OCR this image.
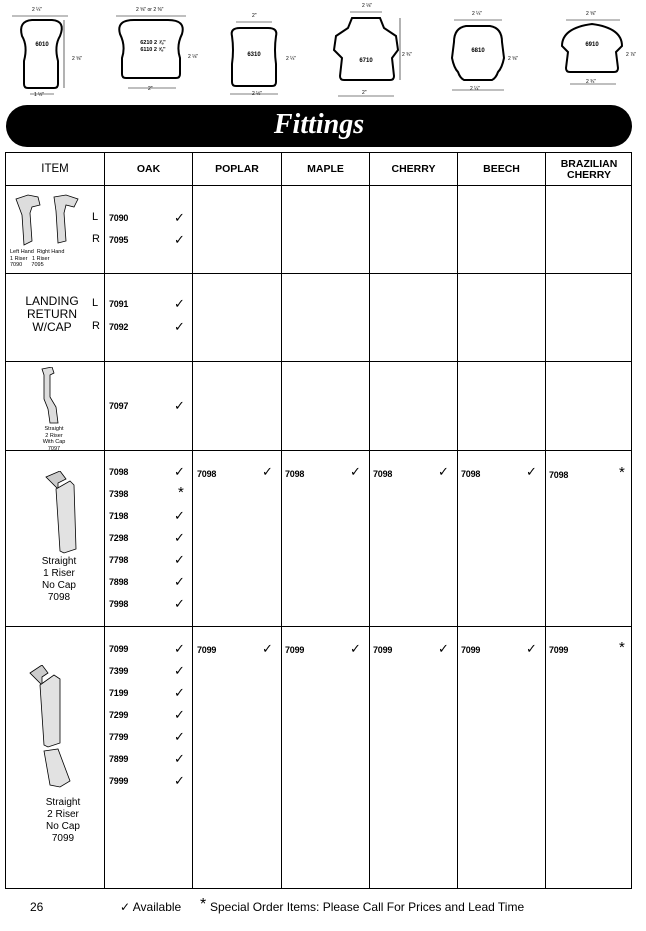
2 ¼"
6010
2 ⅝"
1 ½"
2 ⅝" or 2 ⅜"
6210 2 ⅞"
6110 2 ⅝"
2 ⅛"
2"
2"
6310
2 ¼"
2 ½"
2 ⅛"
6710
2 ¾"
2"
2 ¼"
6810
2 ⅝"
2 ¼"
2 ⅝"
6910
2 ⅞"
2 ¾"
Fittings
ITEM	OAK	POPLAR	MAPLE	CHERRY	BEECH	BRAZILIAN
CHERRY
Left Hand  Right Hand
1 Riser   1 Riser
7090      7095
L
R
7090	✓
7095	✓
LANDING
RETURN
W/CAP
L
R
7091	✓
7092	✓
Straight
2 Riser
With Cap
7097
7097	✓
Straight
1 Riser
No Cap
7098
7098	✓
7398	*
7198	✓
7298	✓
7798	✓
7898	✓
7998	✓
7098	✓ 7098	✓ 7098	✓ 7098	✓ 7098	*
Straight
2 Riser
No Cap
7099
7099	✓
7399	✓
7199	✓
7299	✓
7799	✓
7899	✓
7999	✓
7099	✓ 7099	✓ 7099	✓ 7099	✓ 7099	*
26	✓ Available * Special Order Items: Please Call For Prices and Lead Time
